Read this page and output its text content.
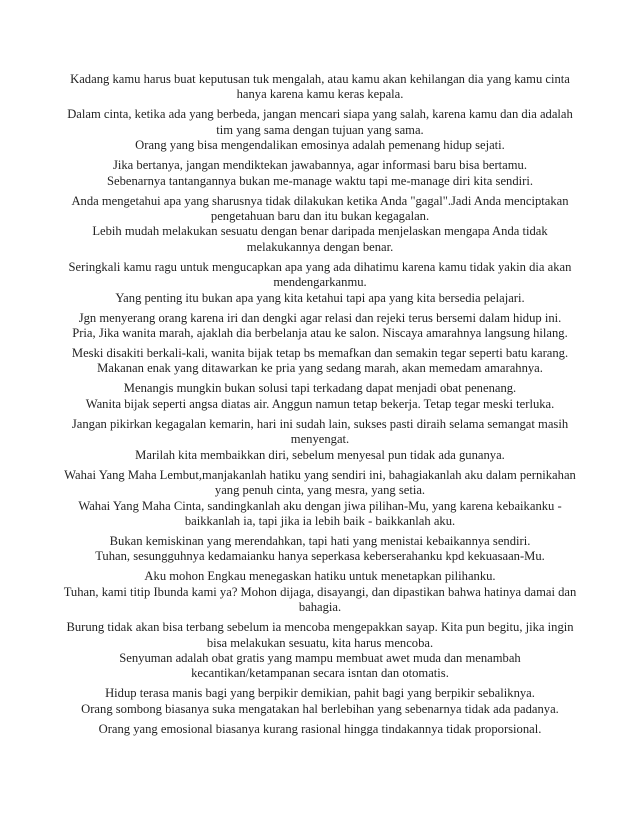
Kadang kamu harus buat keputusan tuk mengalah, atau kamu akan kehilangan dia yang kamu cinta hanya karena kamu keras kepala.

Dalam cinta, ketika ada yang berbeda, jangan mencari siapa yang salah, karena kamu dan dia adalah tim yang sama dengan tujuan yang sama.

Orang yang bisa mengendalikan emosinya adalah pemenang hidup sejati.

Jika bertanya, jangan mendiktekan jawabannya, agar informasi baru bisa bertamu.

Sebenarnya tantangannya bukan me-manage waktu tapi me-manage diri kita sendiri.

Anda mengetahui apa yang sharusnya tidak dilakukan ketika Anda "gagal".Jadi Anda menciptakan pengetahuan baru dan itu bukan kegagalan.

Lebih mudah melakukan sesuatu dengan benar daripada menjelaskan mengapa Anda tidak melakukannya dengan benar.

Seringkali kamu ragu untuk mengucapkan apa yang ada dihatimu karena kamu tidak yakin dia akan mendengarkanmu.

Yang penting itu bukan apa yang kita ketahui tapi apa yang kita bersedia pelajari.

Jgn menyerang orang karena iri dan dengki agar relasi dan rejeki terus bersemi dalam hidup ini.

Pria, Jika wanita marah, ajaklah dia berbelanja atau ke salon. Niscaya amarahnya langsung hilang.

Meski disakiti berkali-kali, wanita bijak tetap bs memafkan dan semakin tegar seperti batu karang.

Makanan enak yang ditawarkan ke pria yang sedang marah, akan memedam amarahnya.

Menangis mungkin bukan solusi tapi terkadang dapat menjadi obat penenang.

Wanita bijak seperti angsa diatas air. Anggun namun tetap bekerja. Tetap tegar meski terluka.

Jangan pikirkan kegagalan kemarin, hari ini sudah lain, sukses pasti diraih selama semangat masih menyengat.

Marilah kita membaikkan diri, sebelum menyesal pun tidak ada gunanya.

Wahai Yang Maha Lembut,manjakanlah hatiku yang sendiri ini, bahagiakanlah aku dalam pernikahan yang penuh cinta, yang mesra, yang setia.

Wahai Yang Maha Cinta, sandingkanlah aku dengan jiwa pilihan-Mu, yang karena kebaikanku - baikkanlah ia, tapi jika ia lebih baik - baikkanlah aku.

Bukan kemiskinan yang merendahkan, tapi hati yang menistai kebaikannya sendiri.

Tuhan, sesungguhnya kedamaianku hanya seperkasa keberserahanku kpd kekuasaan-Mu.

Aku mohon Engkau menegaskan hatiku untuk menetapkan pilihanku.

Tuhan, kami titip Ibunda kami ya? Mohon dijaga, disayangi, dan dipastikan bahwa hatinya damai dan bahagia.

Burung tidak akan bisa terbang sebelum ia mencoba mengepakkan sayap. Kita pun begitu, jika ingin bisa melakukan sesuatu, kita harus mencoba.

Senyuman adalah obat gratis yang mampu membuat awet muda dan menambah kecantikan/ketampanan secara isntan dan otomatis.

Hidup terasa manis bagi yang berpikir demikian, pahit bagi yang berpikir sebaliknya.

Orang sombong biasanya suka mengatakan hal berlebihan yang sebenarnya tidak ada padanya.

Orang yang emosional biasanya kurang rasional hingga tindakannya tidak proporsional.
